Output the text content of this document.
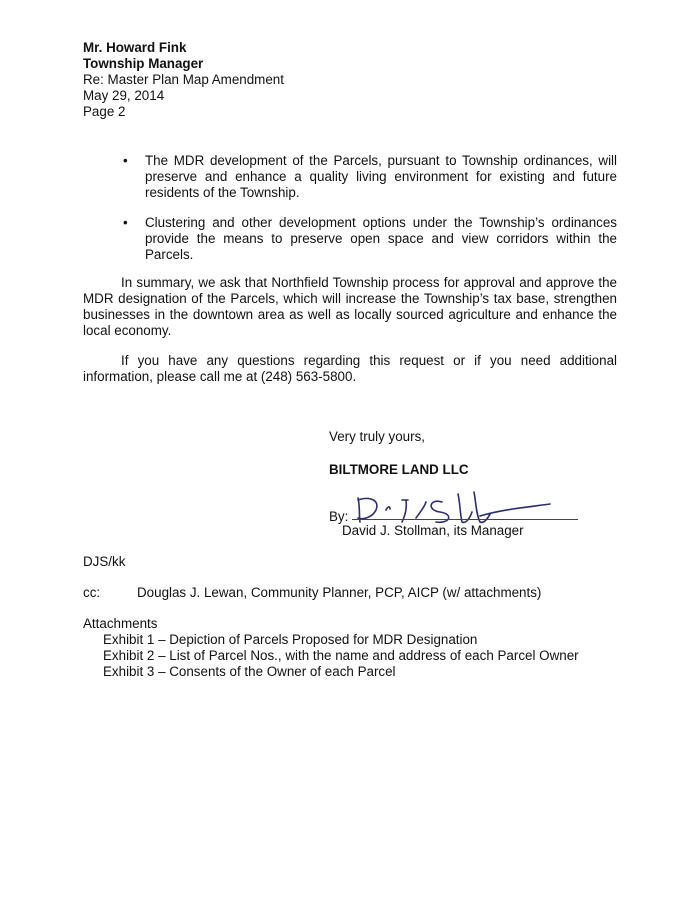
Mr. Howard Fink
Township Manager
Re: Master Plan Map Amendment
May 29, 2014
Page 2
• The MDR development of the Parcels, pursuant to Township ordinances, will preserve and enhance a quality living environment for existing and future residents of the Township.
• Clustering and other development options under the Township’s ordinances provide the means to preserve open space and view corridors within the Parcels.
In summary, we ask that Northfield Township process for approval and approve the MDR designation of the Parcels, which will increase the Township’s tax base, strengthen businesses in the downtown area as well as locally sourced agriculture and enhance the local economy.
If you have any questions regarding this request or if you need additional information, please call me at (248) 563-5800.
Very truly yours,
BILTMORE LAND LLC
By:
David J. Stollman, its Manager
DJS/kk
cc:	Douglas J. Lewan, Community Planner, PCP, AICP (w/ attachments)
Attachments
Exhibit 1 – Depiction of Parcels Proposed for MDR Designation
Exhibit 2 – List of Parcel Nos., with the name and address of each Parcel Owner
Exhibit 3 – Consents of the Owner of each Parcel
